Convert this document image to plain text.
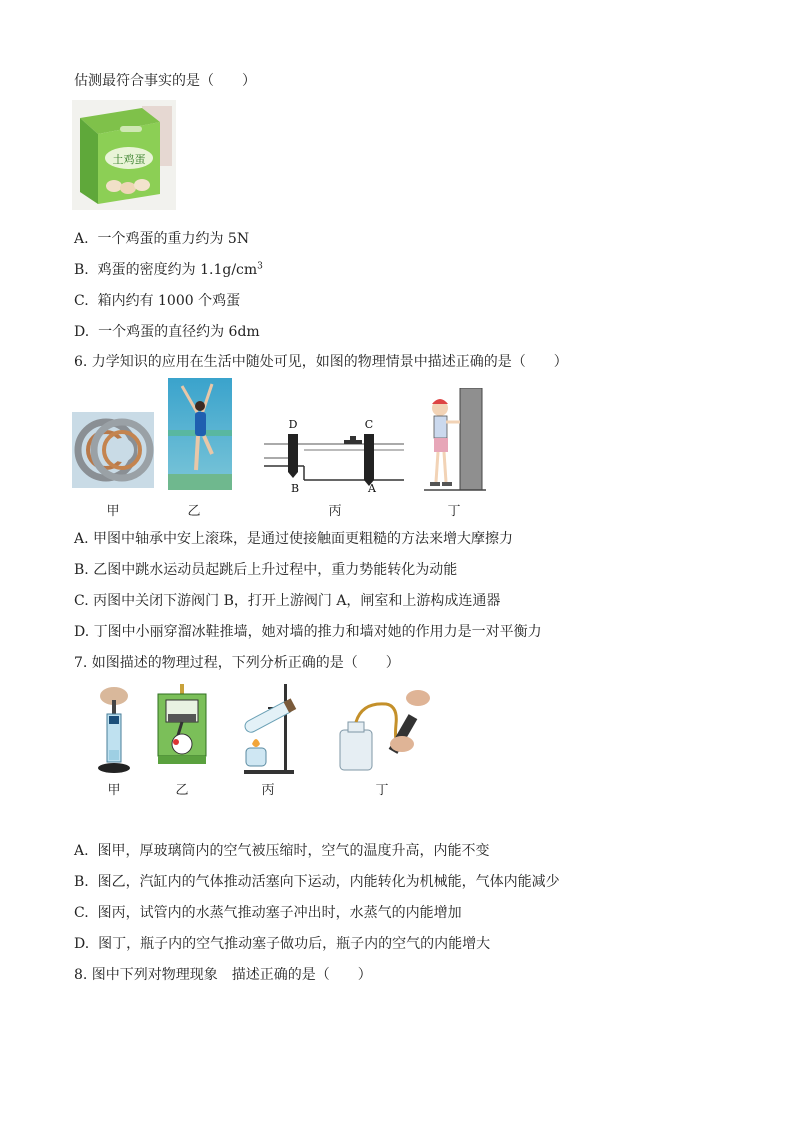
估测最符合事实的是（　　）
土鸡蛋
A. 一个鸡蛋的重力约为 5N
B. 鸡蛋的密度约为 $1.1g/cm^3$
C. 箱内约有 1000 个鸡蛋
D. 一个鸡蛋的直径约为 6dm
6. 力学知识的应用在生活中随处可见，如图的物理情景中描述正确的是（　　）
甲	乙
D	C
B	A
丙	丁
A. 甲图中轴承中安上滚珠，是通过使接触面更粗糙的方法来增大摩擦力
B. 乙图中跳水运动员起跳后上升过程中，重力势能转化为动能
C. 丙图中关闭下游阀门 B，打开上游阀门 A，闸室和上游构成连通器
D. 丁图中小丽穿溜冰鞋推墙，她对墙的推力和墙对她的作用力是一对平衡力
7. 如图描述的物理过程，下列分析正确的是（　　）
甲	乙	丙	丁
A. 图甲，厚玻璃筒内的空气被压缩时，空气的温度升高，内能不变
B. 图乙，汽缸内的气体推动活塞向下运动，内能转化为机械能，气体内能减少
C. 图丙，试管内的水蒸气推动塞子冲出时，水蒸气的内能增加
D. 图丁，瓶子内的空气推动塞子做功后，瓶子内的空气的内能增大
8. 图中下列对物理现象　描述正确的是（　　）
